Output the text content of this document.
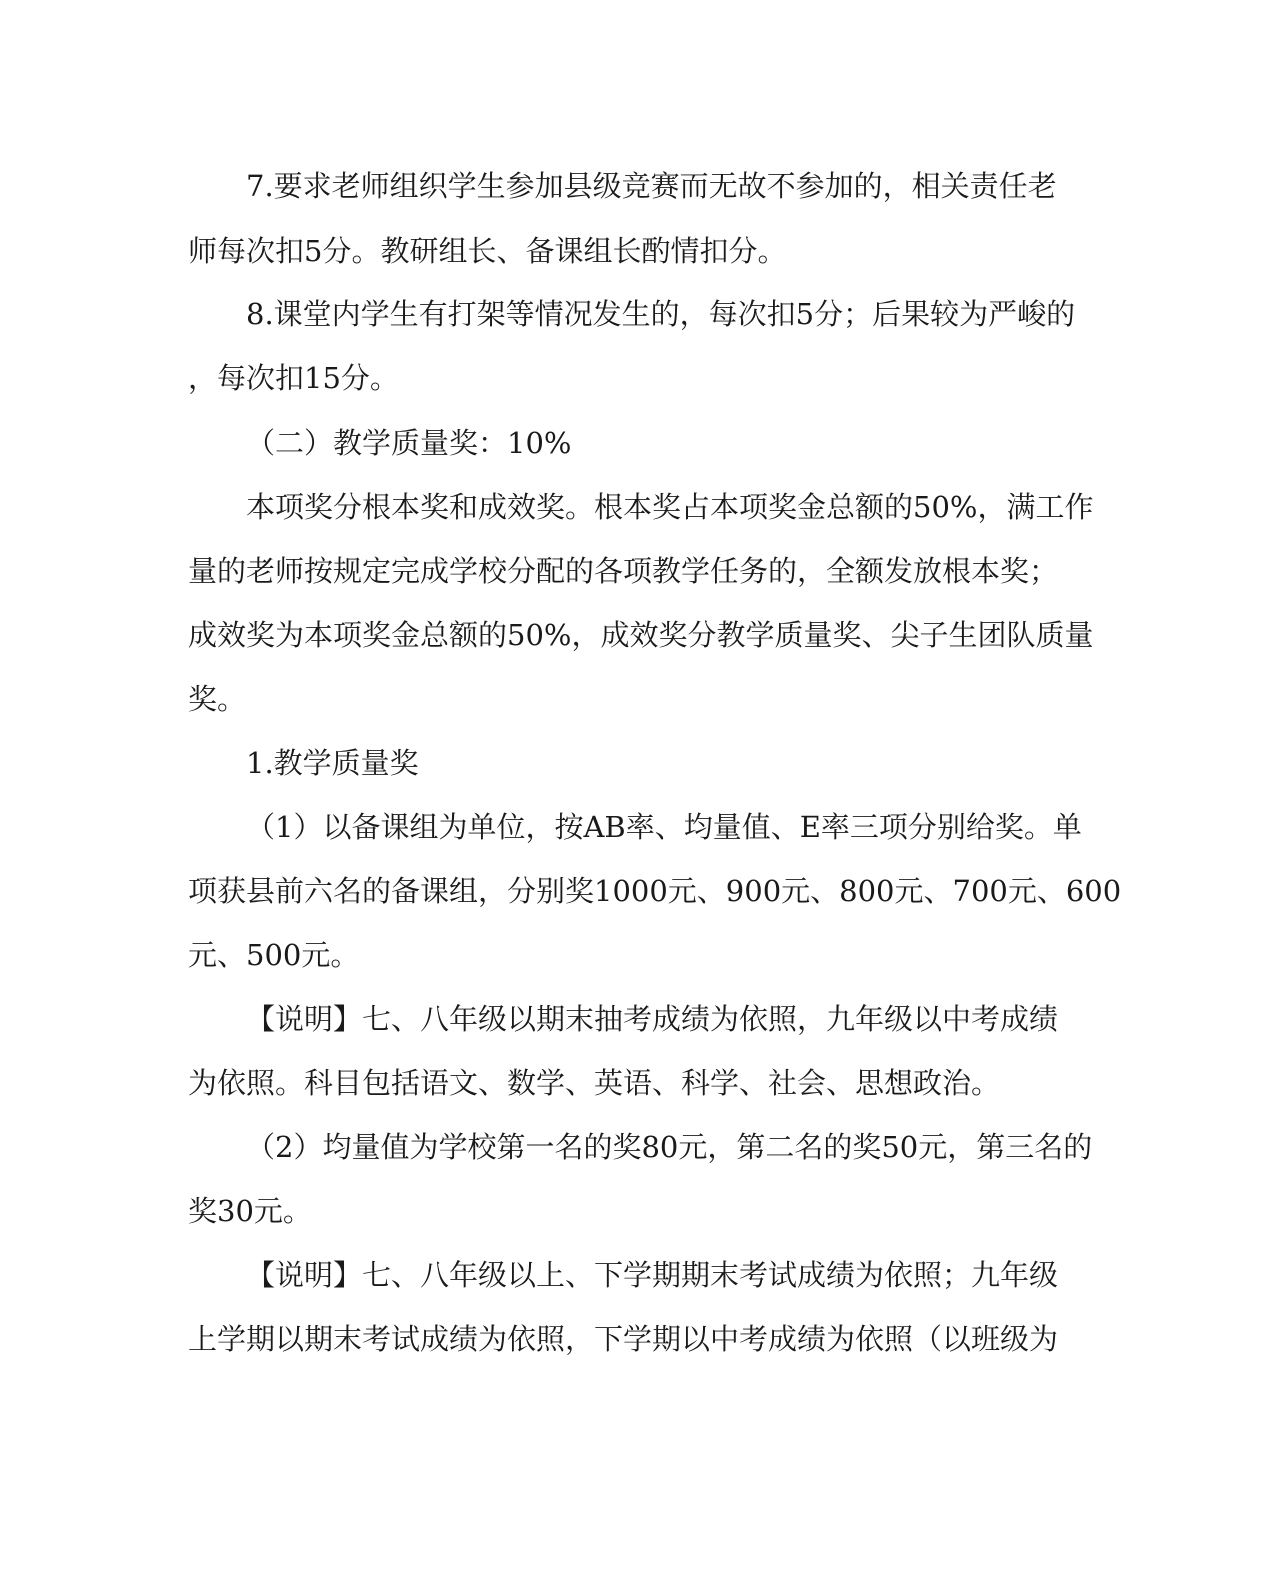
7.要求老师组织学生参加县级竞赛而无故不参加的，相关责任老
师每次扣5分。教研组长、备课组长酌情扣分。
8.课堂内学生有打架等情况发生的，每次扣5分；后果较为严峻的
，每次扣15分。
（二）教学质量奖：10%
本项奖分根本奖和成效奖。根本奖占本项奖金总额的50%，满工作
量的老师按规定完成学校分配的各项教学任务的，全额发放根本奖；
成效奖为本项奖金总额的50%，成效奖分教学质量奖、尖子生团队质量
奖。
1.教学质量奖
（1）以备课组为单位，按AB率、均量值、E率三项分别给奖。单
项获县前六名的备课组，分别奖1000元、900元、800元、700元、600
元、500元。
【说明】七、八年级以期末抽考成绩为依照，九年级以中考成绩
为依照。科目包括语文、数学、英语、科学、社会、思想政治。
（2）均量值为学校第一名的奖80元，第二名的奖50元，第三名的
奖30元。
【说明】七、八年级以上、下学期期末考试成绩为依照；九年级
上学期以期末考试成绩为依照，下学期以中考成绩为依照（以班级为
